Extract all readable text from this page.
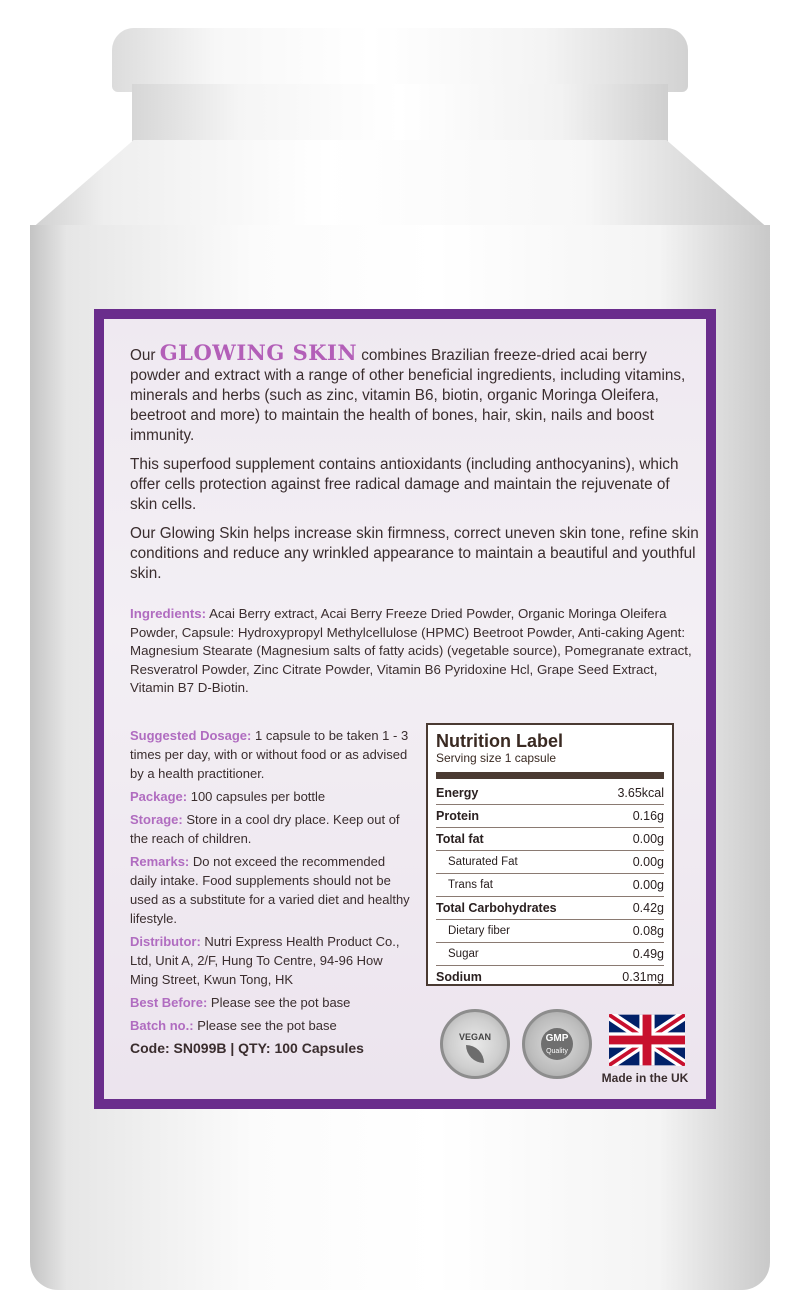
Our GLOWING SKIN combines Brazilian freeze-dried acai berry powder and extract with a range of other beneficial ingredients, including vitamins, minerals and herbs (such as zinc, vitamin B6, biotin, organic Moringa Oleifera, beetroot and more) to maintain the health of bones, hair, skin, nails and boost immunity.

This superfood supplement contains antioxidants (including anthocyanins), which offer cells protection against free radical damage and maintain the rejuvenate of skin cells.

Our Glowing Skin helps increase skin firmness, correct uneven skin tone, refine skin conditions and reduce any wrinkled appearance to maintain a beautiful and youthful skin.

Ingredients: Acai Berry extract, Acai Berry Freeze Dried Powder, Organic Moringa Oleifera Powder, Capsule: Hydroxypropyl Methylcellulose (HPMC) Beetroot Powder, Anti-caking Agent: Magnesium Stearate (Magnesium salts of fatty acids) (vegetable source), Pomegranate extract, Resveratrol Powder, Zinc Citrate Powder, Vitamin B6 Pyridoxine Hcl, Grape Seed Extract, Vitamin B7 D-Biotin.

Suggested Dosage: 1 capsule to be taken 1 - 3 times per day, with or without food or as advised by a health practitioner.

Package: 100 capsules per bottle

Storage: Store in a cool dry place. Keep out of the reach of children.

Remarks: Do not exceed the recommended daily intake. Food supplements should not be used as a substitute for a varied diet and healthy lifestyle.

Distributor: Nutri Express Health Product Co., Ltd, Unit A, 2/F, Hung To Centre, 94-96 How Ming Street, Kwun Tong, HK

Best Before: Please see the pot base

Batch no.: Please see the pot base

Code: SN099B | QTY: 100 Capsules

Nutrition Label
Serving size 1 capsule
Energy	3.65kcal
Protein	0.16g
Total fat	0.00g
Saturated Fat	0.00g
Trans fat	0.00g
Total Carbohydrates	0.42g
Dietary fiber	0.08g
Sugar	0.49g
Sodium	0.31mg
VEGAN	GMP
Quality
Made in the UK
